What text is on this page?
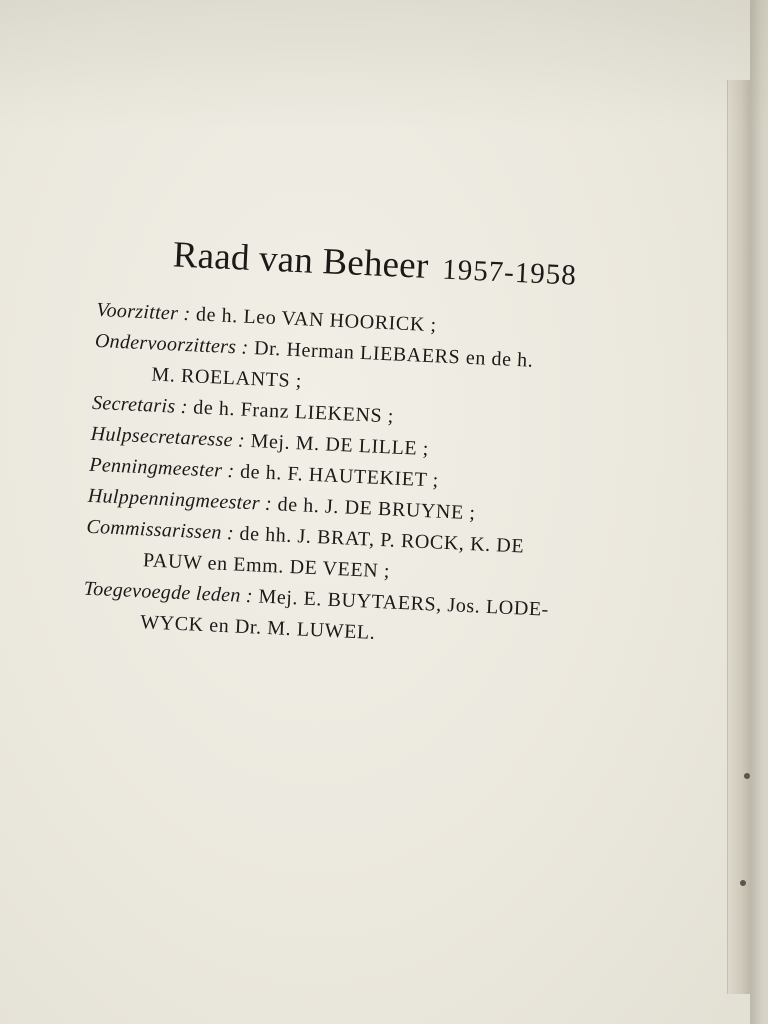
Raad van Beheer 1957-1958
Voorzitter : de h. Leo VAN HOORICK ;
Ondervoorzitters : Dr. Herman LIEBAERS en de h.
M. ROELANTS ;
Secretaris : de h. Franz LIEKENS ;
Hulpsecretaresse : Mej. M. DE LILLE ;
Penningmeester : de h. F. HAUTEKIET ;
Hulppenningmeester : de h. J. DE BRUYNE ;
Commissarissen : de hh. J. BRAT, P. ROCK, K. DE
PAUW en Emm. DE VEEN ;
Toegevoegde leden : Mej. E. BUYTAERS, Jos. LODE-
WYCK en Dr. M. LUWEL.
